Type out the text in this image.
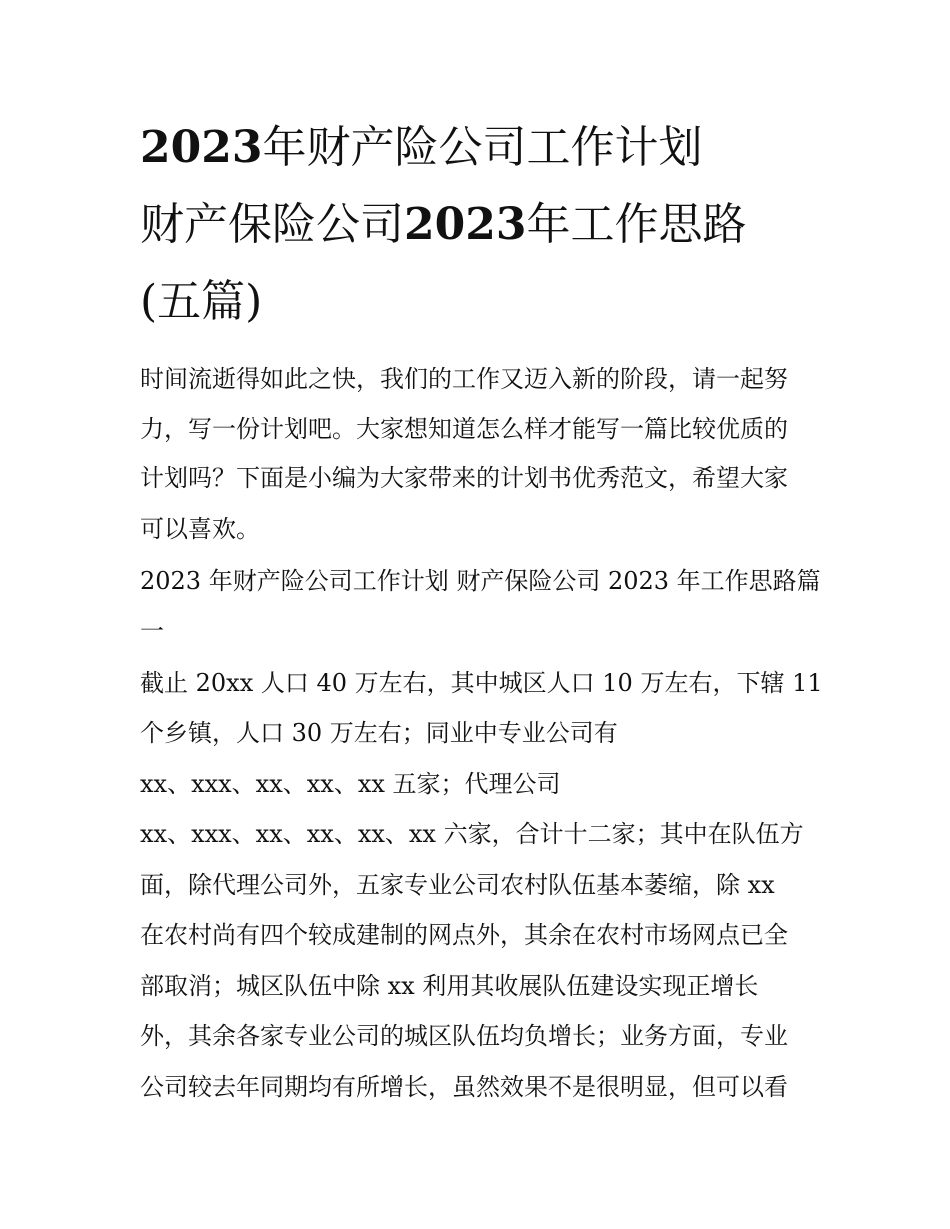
2023年财产险公司工作计划
财产保险公司2023年工作思路
(五篇)

时间流逝得如此之快，我们的工作又迈入新的阶段，请一起努

力，写一份计划吧。大家想知道怎么样才能写一篇比较优质的

计划吗？下面是小编为大家带来的计划书优秀范文，希望大家

可以喜欢。

2023 年财产险公司工作计划 财产保险公司 2023 年工作思路篇

一

截止 20xx 人口 40 万左右，其中城区人口 10 万左右，下辖 11

个乡镇，人口 30 万左右；同业中专业公司有

xx、xxx、xx、xx、xx 五家；代理公司

xx、xxx、xx、xx、xx、xx 六家，合计十二家；其中在队伍方

面，除代理公司外，五家专业公司农村队伍基本萎缩，除 xx

在农村尚有四个较成建制的网点外，其余在农村市场网点已全

部取消；城区队伍中除 xx 利用其收展队伍建设实现正增长

外，其余各家专业公司的城区队伍均负增长；业务方面，专业

公司较去年同期均有所增长，虽然效果不是很明显，但可以看
